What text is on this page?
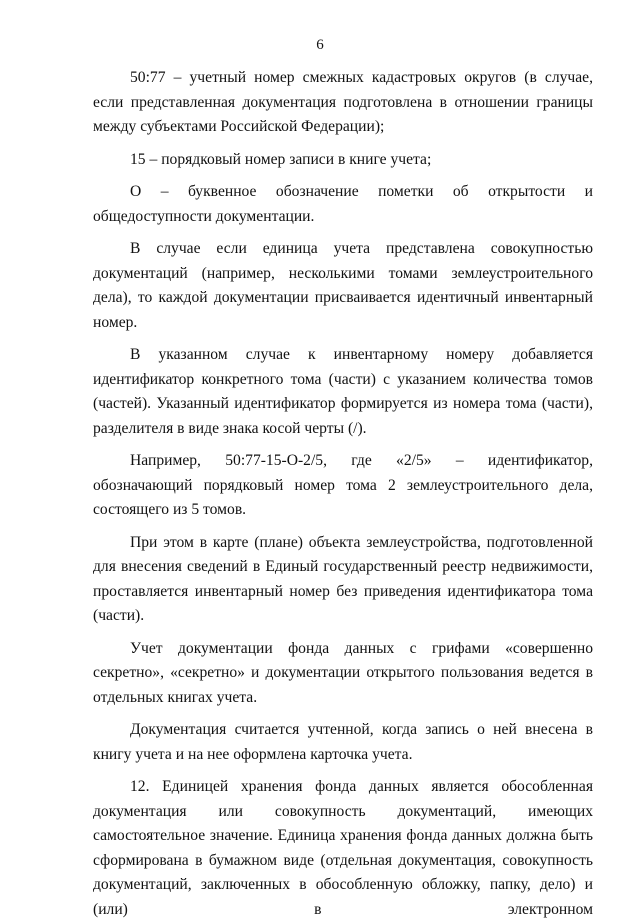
6

50:77 – учетный номер смежных кадастровых округов (в случае, если представленная документация подготовлена в отношении границы между субъектами Российской Федерации);

15 – порядковый номер записи в книге учета;

О – буквенное обозначение пометки об открытости и общедоступности документации.

В случае если единица учета представлена совокупностью документаций (например, несколькими томами землеустроительного дела), то каждой документации присваивается идентичный инвентарный номер.

В указанном случае к инвентарному номеру добавляется идентификатор конкретного тома (части) с указанием количества томов (частей). Указанный идентификатор формируется из номера тома (части), разделителя в виде знака косой черты (/).

Например, 50:77-15-О-2/5, где «2/5» – идентификатор, обозначающий порядковый номер тома 2 землеустроительного дела, состоящего из 5 томов.

При этом в карте (плане) объекта землеустройства, подготовленной для внесения сведений в Единый государственный реестр недвижимости, проставляется инвентарный номер без приведения идентификатора тома (части).

Учет документации фонда данных с грифами «совершенно секретно», «секретно» и документации открытого пользования ведется в отдельных книгах учета.

Документация считается учтенной, когда запись о ней внесена в книгу учета и на нее оформлена карточка учета.

12. Единицей хранения фонда данных является обособленная документация или совокупность документаций, имеющих самостоятельное значение. Единица хранения фонда данных должна быть сформирована в бумажном виде (отдельная документация, совокупность документаций, заключенных в обособленную обложку, папку, дело) и (или) в электронном
